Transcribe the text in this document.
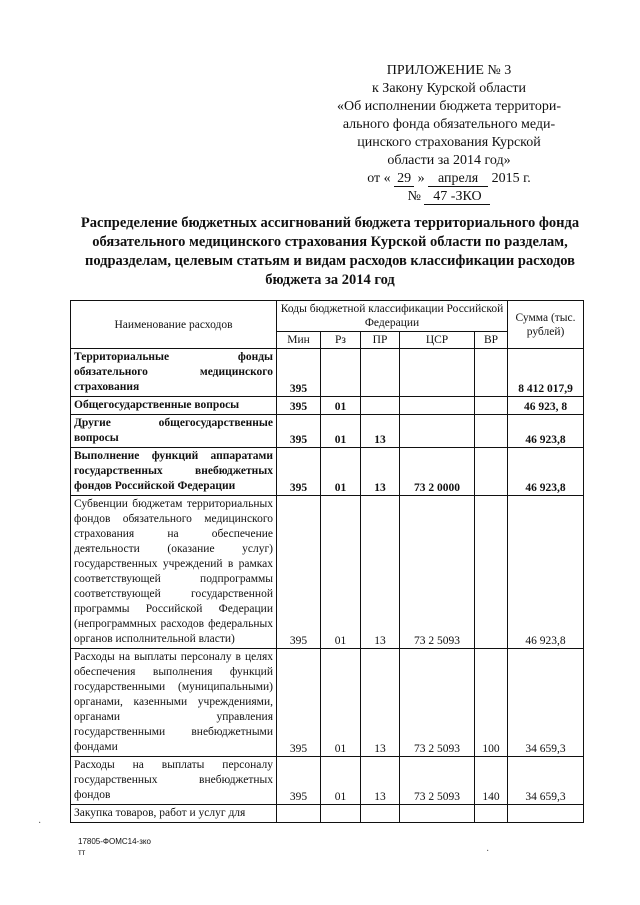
ПРИЛОЖЕНИЕ № 3
к Закону Курской области
«Об исполнении бюджета территори-
ального фонда обязательного меди-
цинского страхования Курской
области за 2014 год»
от « 29 » апреля 2015 г.
№ 47 -ЗКО
Распределение бюджетных ассигнований бюджета территориального фонда обязательного медицинского страхования Курской области по разделам, подразделам, целевым статьям и видам расходов классификации расходов бюджета за 2014 год
Наименование расходов	Коды бюджетной классификации Российской Федерации					Сумма (тыс. рублей)
	Мин	Рз	ПР	ЦСР	ВР	
Территориальные фонды обязательного медицинского страхования	395					8 412 017,9
Общегосударственные вопросы	395	01				46 923, 8
Другие общегосударственные вопросы	395	01	13			46 923,8
Выполнение функций аппаратами государственных внебюджетных фондов Российской Федерации	395	01	13	73 2 0000		46 923,8
Субвенции бюджетам территориальных фондов обязательного медицинского страхования на обеспечение деятельности (оказание услуг) государственных учреждений в рамках соответствующей подпрограммы соответствующей государственной программы Российской Федерации (непрограммных расходов федеральных органов исполнительной власти)	395	01	13	73 2 5093		46 923,8
Расходы на выплаты персоналу в целях обеспечения выполнения функций государственными (муниципальными) органами, казенными учреждениями, органами управления государственными внебюджетными фондами	395	01	13	73 2 5093	100	34 659,3
Расходы на выплаты персоналу государственных внебюджетных фондов	395	01	13	73 2 5093	140	34 659,3
Закупка товаров, работ и услуг для						
17805-ФОМС14-зко
тт
·
·
